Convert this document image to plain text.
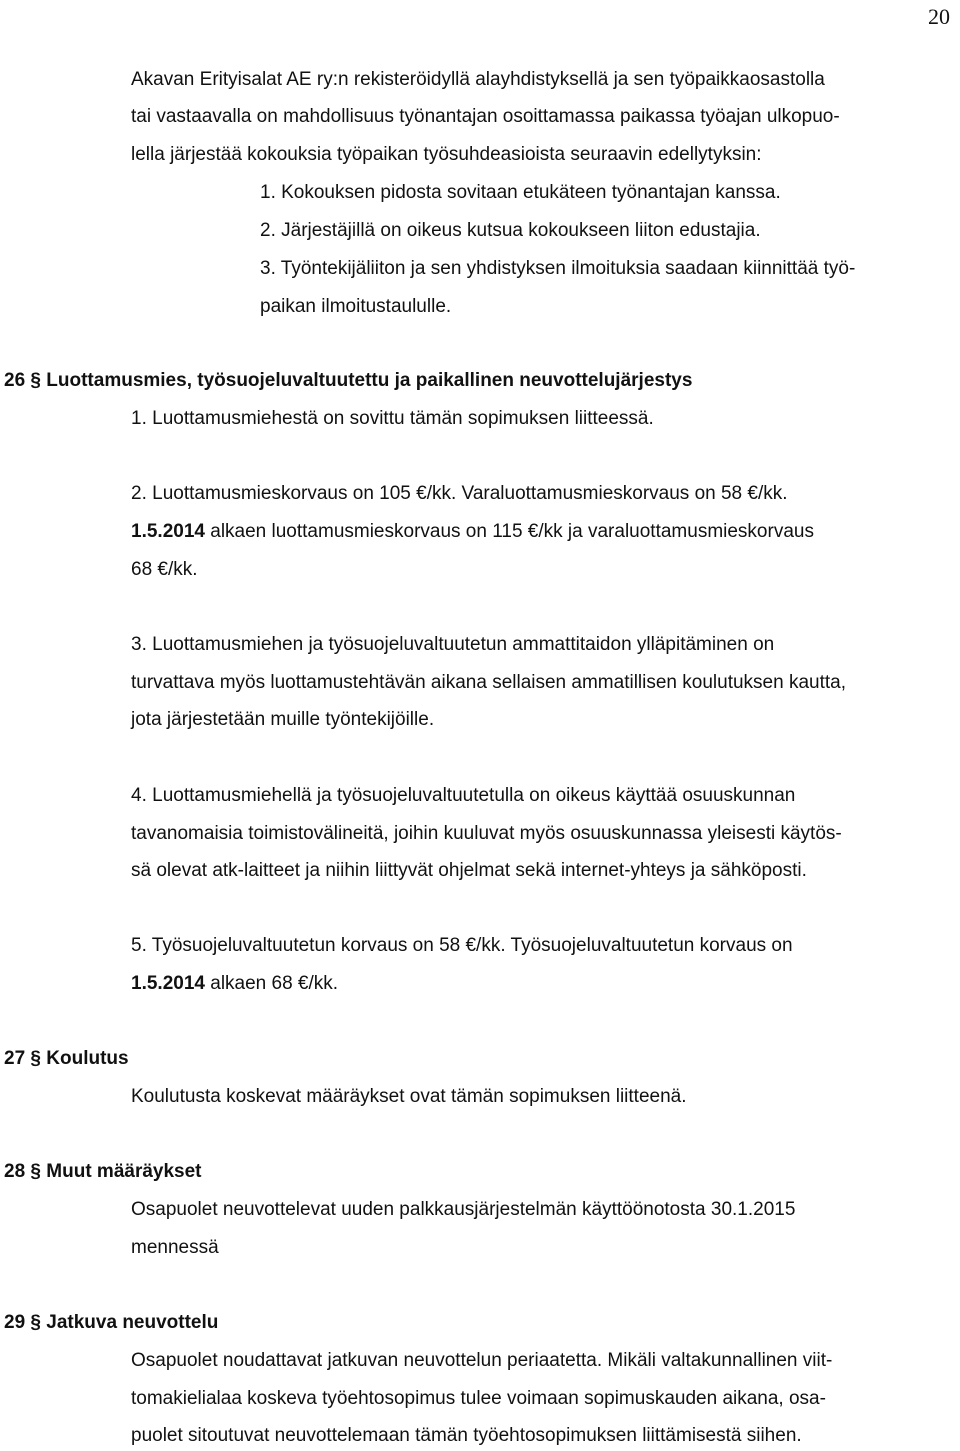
20
Akavan Erityisalat AE ry:n rekisteröidyllä alayhdistyksellä ja sen työpaikkaosastolla
tai vastaavalla on mahdollisuus työnantajan osoittamassa paikassa työajan ulkopuo-
lella järjestää kokouksia työpaikan työsuhdeasioista seuraavin edellytyksin:
1. Kokouksen pidosta sovitaan etukäteen työnantajan kanssa.
2. Järjestäjillä on oikeus kutsua kokoukseen liiton edustajia.
3. Työntekijäliiton ja sen yhdistyksen ilmoituksia saadaan kiinnittää työ-
paikan ilmoitustaululle.
26 § Luottamusmies, työsuojeluvaltuutettu ja paikallinen neuvottelujärjestys
1. Luottamusmiehestä on sovittu tämän sopimuksen liitteessä.
2. Luottamusmieskorvaus on 105 €/kk. Varaluottamusmieskorvaus on 58 €/kk.
1.5.2014 alkaen luottamusmieskorvaus on 115 €/kk ja varaluottamusmieskorvaus
68 €/kk.
3. Luottamusmiehen ja työsuojeluvaltuutetun ammattitaidon ylläpitäminen on
turvattava myös luottamustehtävän aikana sellaisen ammatillisen koulutuksen kautta,
jota järjestetään muille työntekijöille.
4. Luottamusmiehellä ja työsuojeluvaltuutetulla on oikeus käyttää osuuskunnan
tavanomaisia toimistovälineitä, joihin kuuluvat myös osuuskunnassa yleisesti käytös-
sä olevat atk-laitteet ja niihin liittyvät ohjelmat sekä internet-yhteys ja sähköposti.
5. Työsuojeluvaltuutetun korvaus on 58 €/kk. Työsuojeluvaltuutetun korvaus on
1.5.2014 alkaen 68 €/kk.
27 § Koulutus
Koulutusta koskevat määräykset ovat tämän sopimuksen liitteenä.
28 § Muut määräykset
Osapuolet neuvottelevat uuden palkkausjärjestelmän käyttöönotosta 30.1.2015
mennessä
29 § Jatkuva neuvottelu
Osapuolet noudattavat jatkuvan neuvottelun periaatetta. Mikäli valtakunnallinen viit-
tomakielialaa koskeva työehtosopimus tulee voimaan sopimuskauden aikana, osa-
puolet sitoutuvat neuvottelemaan tämän työehtosopimuksen liittämisestä siihen.
